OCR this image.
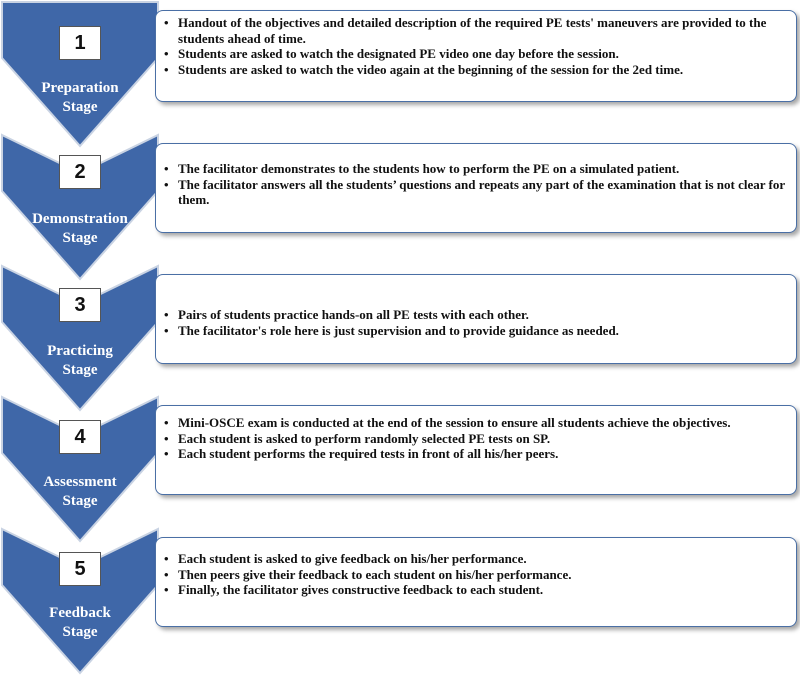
1
Preparation
Stage
• Handout of the objectives and detailed description of the required PE tests' maneuvers are provided to the students ahead of time.
• Students are asked to watch the designated PE video one day before the session.
• Students are asked to watch the video again at the beginning of the session for the 2ed time.
2
Demonstration
Stage
• The facilitator demonstrates to the students how to perform the PE on a simulated patient.
• The facilitator answers all the students’ questions and repeats any part of the examination that is not clear for them.
3
Practicing
Stage
• Pairs of students practice hands-on all PE tests with each other.
• The facilitator's role here is just supervision and to provide guidance as needed.
4
Assessment
Stage
• Mini-OSCE exam is conducted at the end of the session to ensure all students achieve the objectives.
• Each student is asked to perform randomly selected PE tests on SP.
• Each student performs the required tests in front of all his/her peers.
5
Feedback
Stage
• Each student is asked to give feedback on his/her performance.
• Then peers give their feedback to each student on his/her performance.
• Finally, the facilitator gives constructive feedback to each student.
